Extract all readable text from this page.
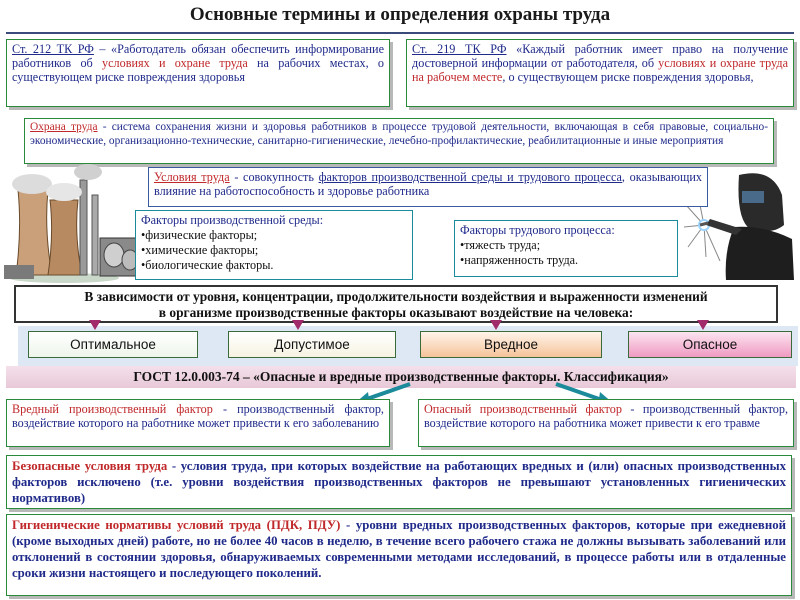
Основные термины и определения охраны труда
Ст. 212 ТК РФ – «Работодатель обязан обеспечить информирование работников об условиях и охране труда на рабочих местах, о существующем риске повреждения здоровья
Ст. 219 ТК РФ «Каждый работник имеет право на получение достоверной информации от работодателя, об условиях и охране труда на рабочем месте, о существующем риске повреждения здоровья,
Охрана труда - система сохранения жизни и здоровья работников в процессе трудовой деятельности, включающая в себя правовые, социально-экономические, организационно-технические, санитарно-гигиенические, лечебно-профилактические, реабилитационные и иные мероприятия
Условия труда - совокупность факторов производственной среды и трудового процесса, оказывающих влияние на работоспособность и здоровье работника
Факторы производственной среды:
•физические факторы;
•химические факторы;
•биологические факторы.
Факторы трудового процесса:
•тяжесть труда;
•напряженность труда.
В зависимости от уровня, концентрации, продолжительности воздействия и выраженности изменений
в организме производственные факторы оказывают воздействие на человека:
Оптимальное	Допустимое	Вредное	Опасное
ГОСТ 12.0.003-74 – «Опасные и вредные производственные факторы. Классификация»
Вредный производственный фактор - производственный фактор, воздействие которого на работнике может привести к его заболеванию
Опасный производственный фактор - производственный фактор, воздействие которого на работника может привести к его травме
Безопасные условия труда - условия труда, при которых воздействие на работающих вредных и (или) опасных производственных факторов исключено (т.е. уровни воздействия производственных факторов не превышают установленных гигиенических нормативов)
Гигиенические нормативы условий труда (ПДК, ПДУ) - уровни вредных производственных факторов, которые при ежедневной (кроме выходных дней) работе, но не более 40 часов в неделю, в течение всего рабочего стажа не должны вызывать заболеваний или отклонений в состоянии здоровья, обнаруживаемых современными методами исследований, в процессе работы или в отдаленные сроки жизни настоящего и последующего поколений.
